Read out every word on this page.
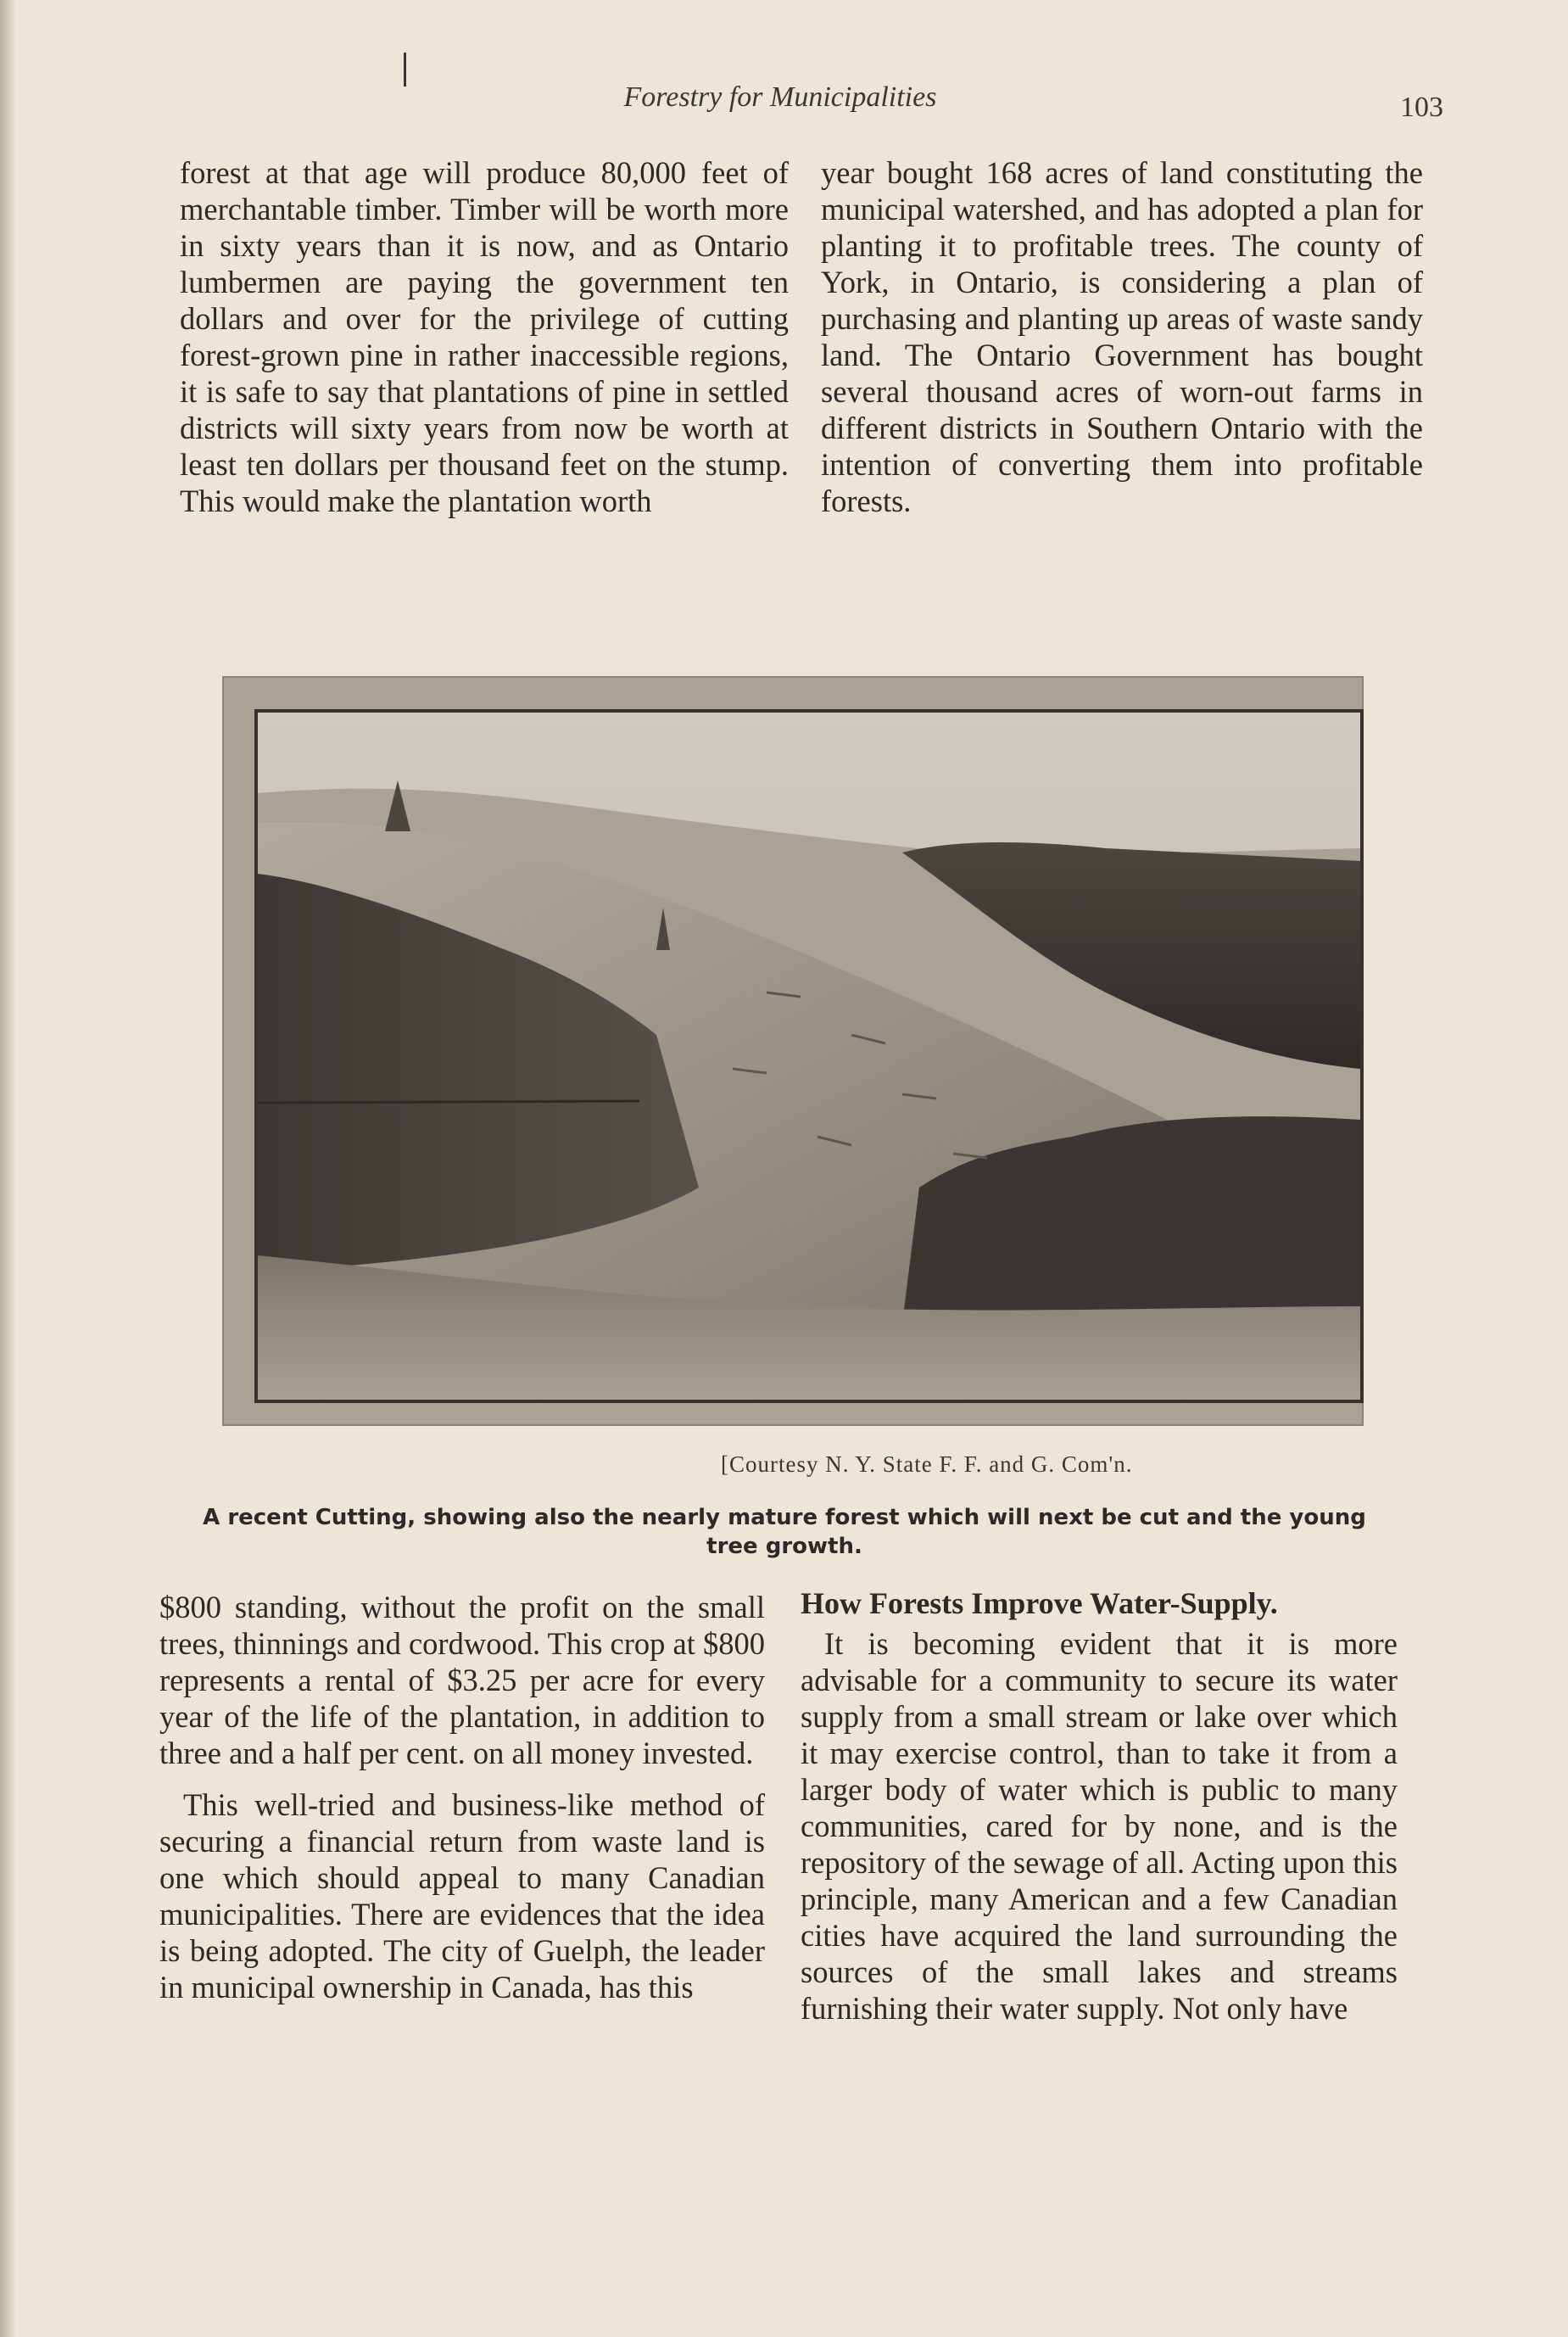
Forestry for Municipalities	103

forest at that age will produce 80,000 feet of merchantable timber. Timber will be worth more in sixty years than it is now, and as Ontario lumbermen are paying the government ten dollars and over for the privilege of cutting forest-grown pine in rather inaccessible regions, it is safe to say that plantations of pine in settled districts will sixty years from now be worth at least ten dollars per thousand feet on the stump. This would make the plantation worth

year bought 168 acres of land constituting the municipal watershed, and has adopted a plan for planting it to profitable trees. The county of York, in Ontario, is considering a plan of purchasing and planting up areas of waste sandy land. The Ontario Government has bought several thousand acres of worn-out farms in different districts in Southern Ontario with the intention of converting them into profitable forests.

[Courtesy N. Y. State F. F. and G. Com'n.
A recent Cutting, showing also the nearly mature forest which will next be cut and the young tree growth.

$800 standing, without the profit on the small trees, thinnings and cordwood. This crop at $800 represents a rental of $3.25 per acre for every year of the life of the plantation, in addition to three and a half per cent. on all money invested.

This well-tried and business-like method of securing a financial return from waste land is one which should appeal to many Canadian municipalities. There are evidences that the idea is being adopted. The city of Guelph, the leader in municipal ownership in Canada, has this

How Forests Improve Water-Supply.

It is becoming evident that it is more advisable for a community to secure its water supply from a small stream or lake over which it may exercise control, than to take it from a larger body of water which is public to many communities, cared for by none, and is the repository of the sewage of all. Acting upon this principle, many American and a few Canadian cities have acquired the land surrounding the sources of the small lakes and streams furnishing their water supply. Not only have
